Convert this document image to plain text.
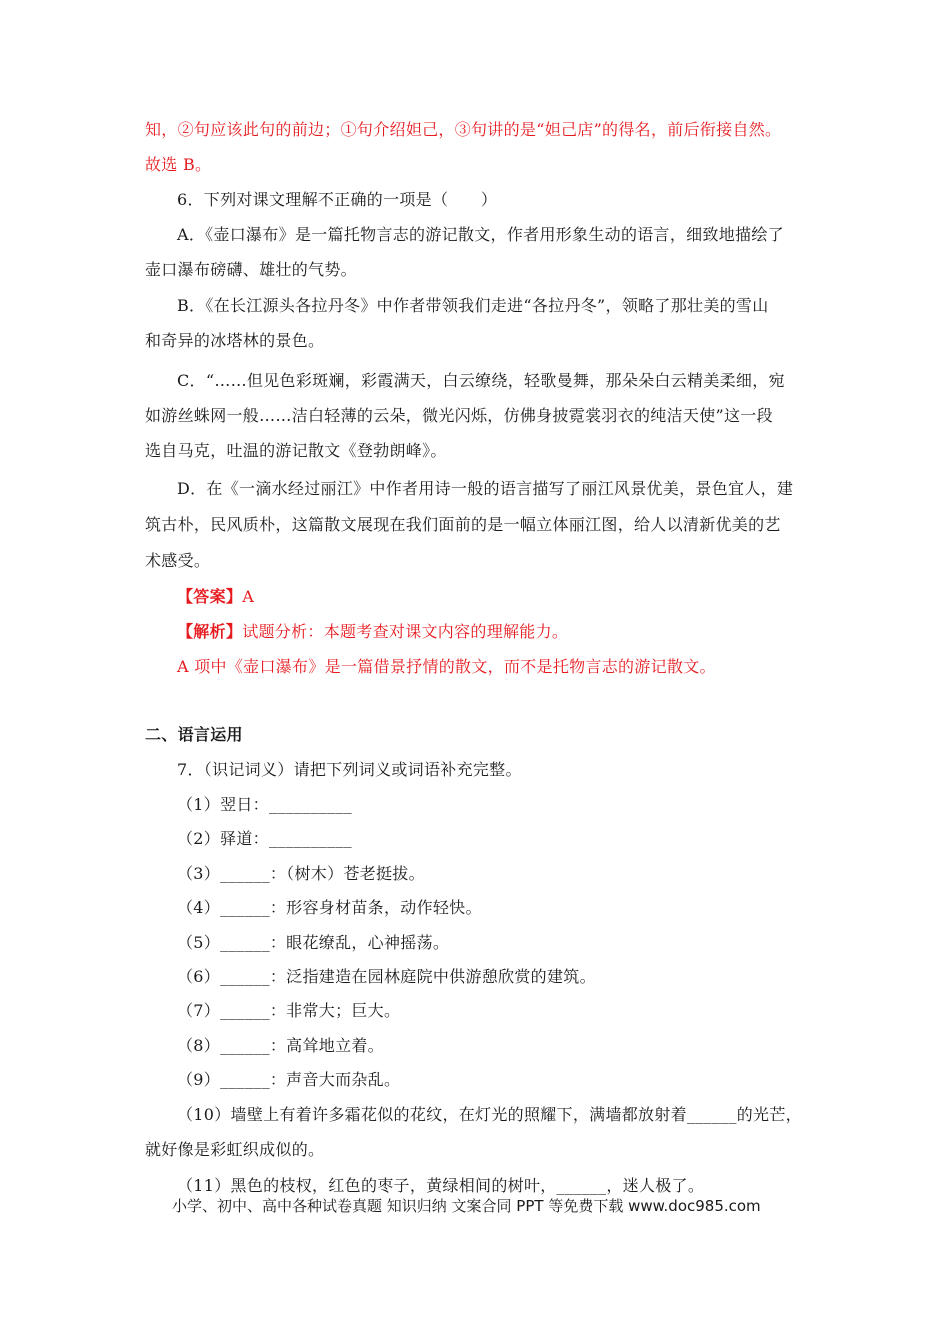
知，②句应该此句的前边；①句介绍妲己，③句讲的是“妲己店”的得名，前后衔接自然。
故选 B。
6．下列对课文理解不正确的一项是（　　）
A．《壶口瀑布》是一篇托物言志的游记散文，作者用形象生动的语言，细致地描绘了
壶口瀑布磅礴、雄壮的气势。
B．《在长江源头各拉丹冬》中作者带领我们走进“各拉丹冬”，领略了那壮美的雪山
和奇异的冰塔林的景色。
C．“……但见色彩斑斓，彩霞满天，白云缭绕，轻歌曼舞，那朵朵白云精美柔细，宛
如游丝蛛网一般……洁白轻薄的云朵，微光闪烁，仿佛身披霓裳羽衣的纯洁天使”这一段
选自马克，吐温的游记散文《登勃朗峰》。
D．在《一滴水经过丽江》中作者用诗一般的语言描写了丽江风景优美，景色宜人，建
筑古朴，民风质朴，这篇散文展现在我们面前的是一幅立体丽江图，给人以清新优美的艺
术感受。
【答案】A
【解析】试题分析：本题考查对课文内容的理解能力。
A 项中《壶口瀑布》是一篇借景抒情的散文，而不是托物言志的游记散文。
二、语言运用
7．（识记词义）请把下列词义或词语补充完整。
（1）翌日：__________
（2）驿道：__________
（3）______：（树木）苍老挺拔。
（4）______：形容身材苗条，动作轻快。
（5）______：眼花缭乱，心神摇荡。
（6）______：泛指建造在园林庭院中供游憩欣赏的建筑。
（7）______：非常大；巨大。
（8）______：高耸地立着。
（9）______：声音大而杂乱。
（10）墙壁上有着许多霜花似的花纹，在灯光的照耀下，满墙都放射着______的光芒，
就好像是彩虹织成似的。
（11）黑色的枝杈，红色的枣子，黄绿相间的树叶，______，迷人极了。
小学、初中、高中各种试卷真题 知识归纳 文案合同 PPT 等免费下载 www.doc985.com
